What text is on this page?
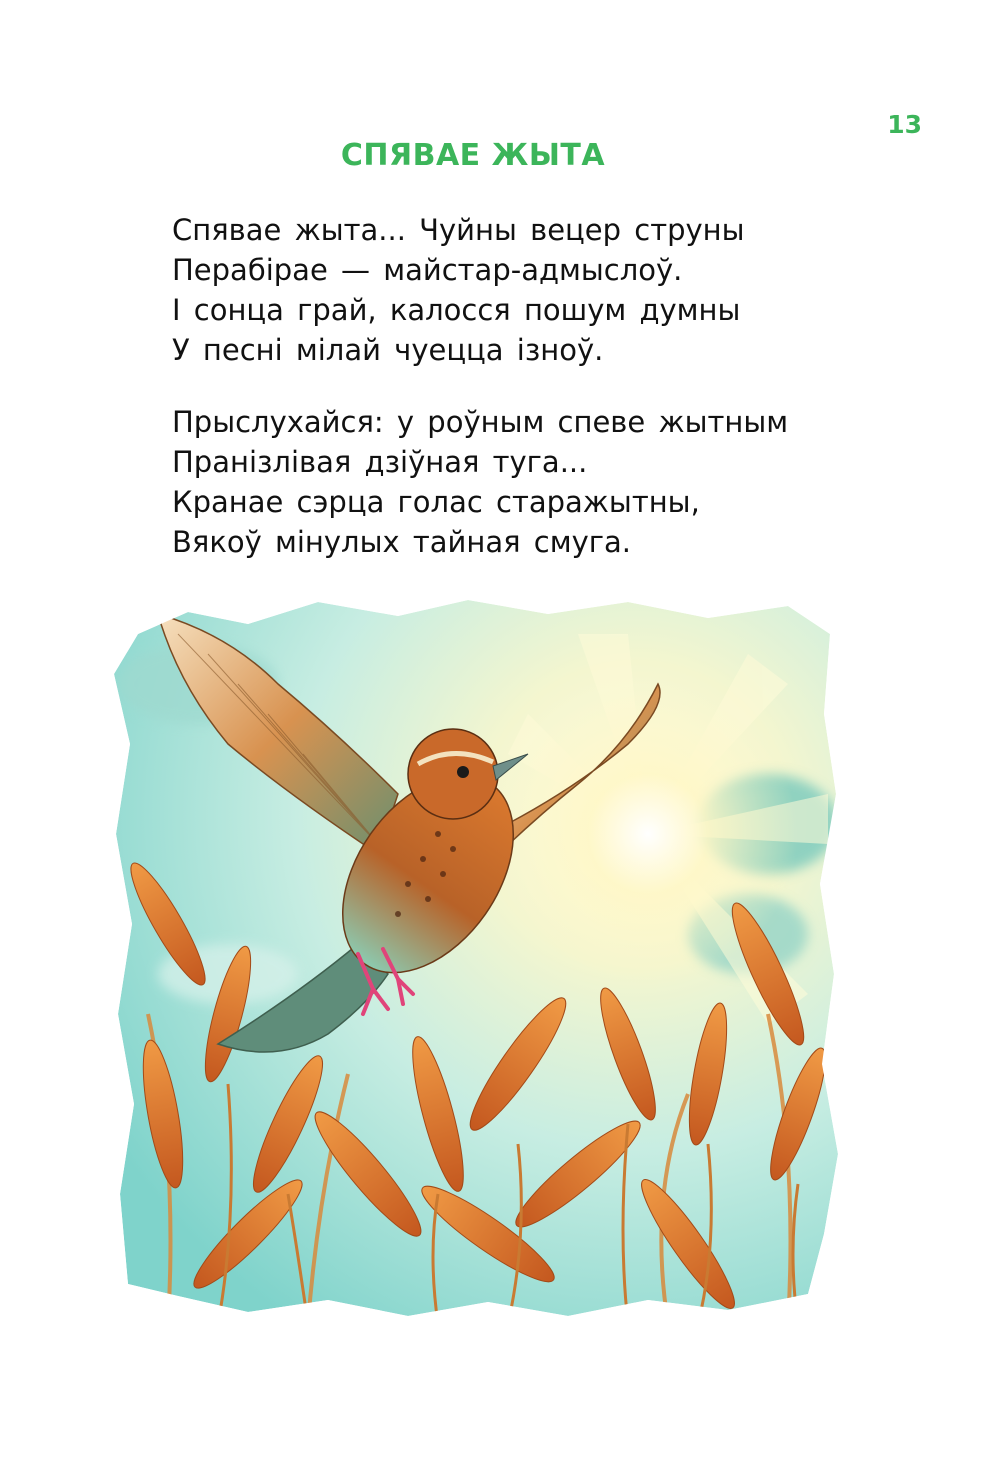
13
СПЯВАЕ ЖЫТА
Спявае жыта... Чуйны вецер струны
Перабірае — майстар-адмыслоў.
І сонца грай, калосся пошум думны
У песні мілай чуецца ізноў.
Прыслухайся: у роўным спеве жытным
Пранізлівая дзіўная туга...
Кранае сэрца голас старажытны,
Вякоў мінулых тайная смуга.
